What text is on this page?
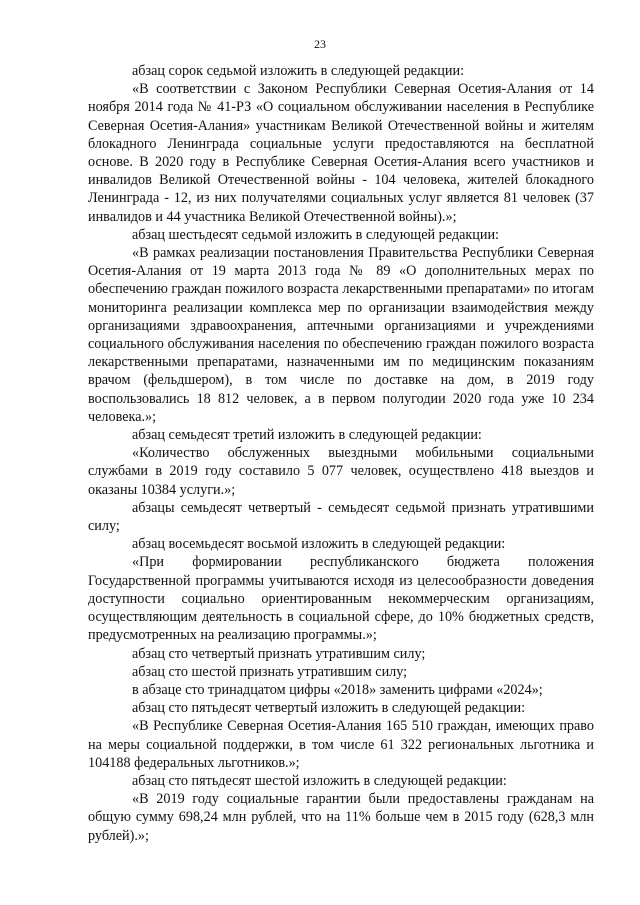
23

абзац сорок седьмой изложить в следующей редакции:

«В соответствии с Законом Республики Северная Осетия-Алания от 14 ноября 2014 года № 41-РЗ «О социальном обслуживании населения в Республике Северная Осетия-Алания» участникам Великой Отечественной войны и жителям блокадного Ленинграда социальные услуги предоставляются на бесплатной основе. В 2020 году в Республике Северная Осетия-Алания всего участников и инвалидов Великой Отечественной войны - 104 человека, жителей блокадного Ленинграда - 12, из них получателями социальных услуг является 81 человек (37 инвалидов и 44 участника Великой Отечественной войны).»;

абзац шестьдесят седьмой изложить в следующей редакции:

«В рамках реализации постановления Правительства Республики Северная Осетия-Алания от 19 марта 2013 года № 89 «О дополнительных мерах по обеспечению граждан пожилого возраста лекарственными препаратами» по итогам мониторинга реализации комплекса мер по организации взаимодействия между организациями здравоохранения, аптечными организациями и учреждениями социального обслуживания населения по обеспечению граждан пожилого возраста лекарственными препаратами, назначенными им по медицинским показаниям врачом (фельдшером), в том числе по доставке на дом, в 2019 году воспользовались 18 812 человек, а в первом полугодии 2020 года уже 10 234 человека.»;

абзац семьдесят третий изложить в следующей редакции:

«Количество обслуженных выездными мобильными социальными службами в 2019 году составило 5 077 человек, осуществлено 418 выездов и оказаны 10384 услуги.»;

абзацы семьдесят четвертый - семьдесят седьмой признать утратившими силу;

абзац восемьдесят восьмой изложить в следующей редакции:

«При формировании республиканского бюджета положения Государственной программы учитываются исходя из целесообразности доведения доступности социально ориентированным некоммерческим организациям, осуществляющим деятельность в социальной сфере, до 10% бюджетных средств, предусмотренных на реализацию программы.»;

абзац сто четвертый признать утратившим силу;

абзац сто шестой признать утратившим силу;

в абзаце сто тринадцатом цифры «2018» заменить цифрами «2024»;

абзац сто пятьдесят четвертый изложить в следующей редакции:

«В Республике Северная Осетия-Алания 165 510 граждан, имеющих право на меры социальной поддержки, в том числе 61 322 региональных льготника и 104188 федеральных льготников.»;

абзац сто пятьдесят шестой изложить в следующей редакции:

«В 2019 году социальные гарантии были предоставлены гражданам на общую сумму 698,24 млн рублей, что на 11% больше чем в 2015 году (628,3 млн рублей).»;
